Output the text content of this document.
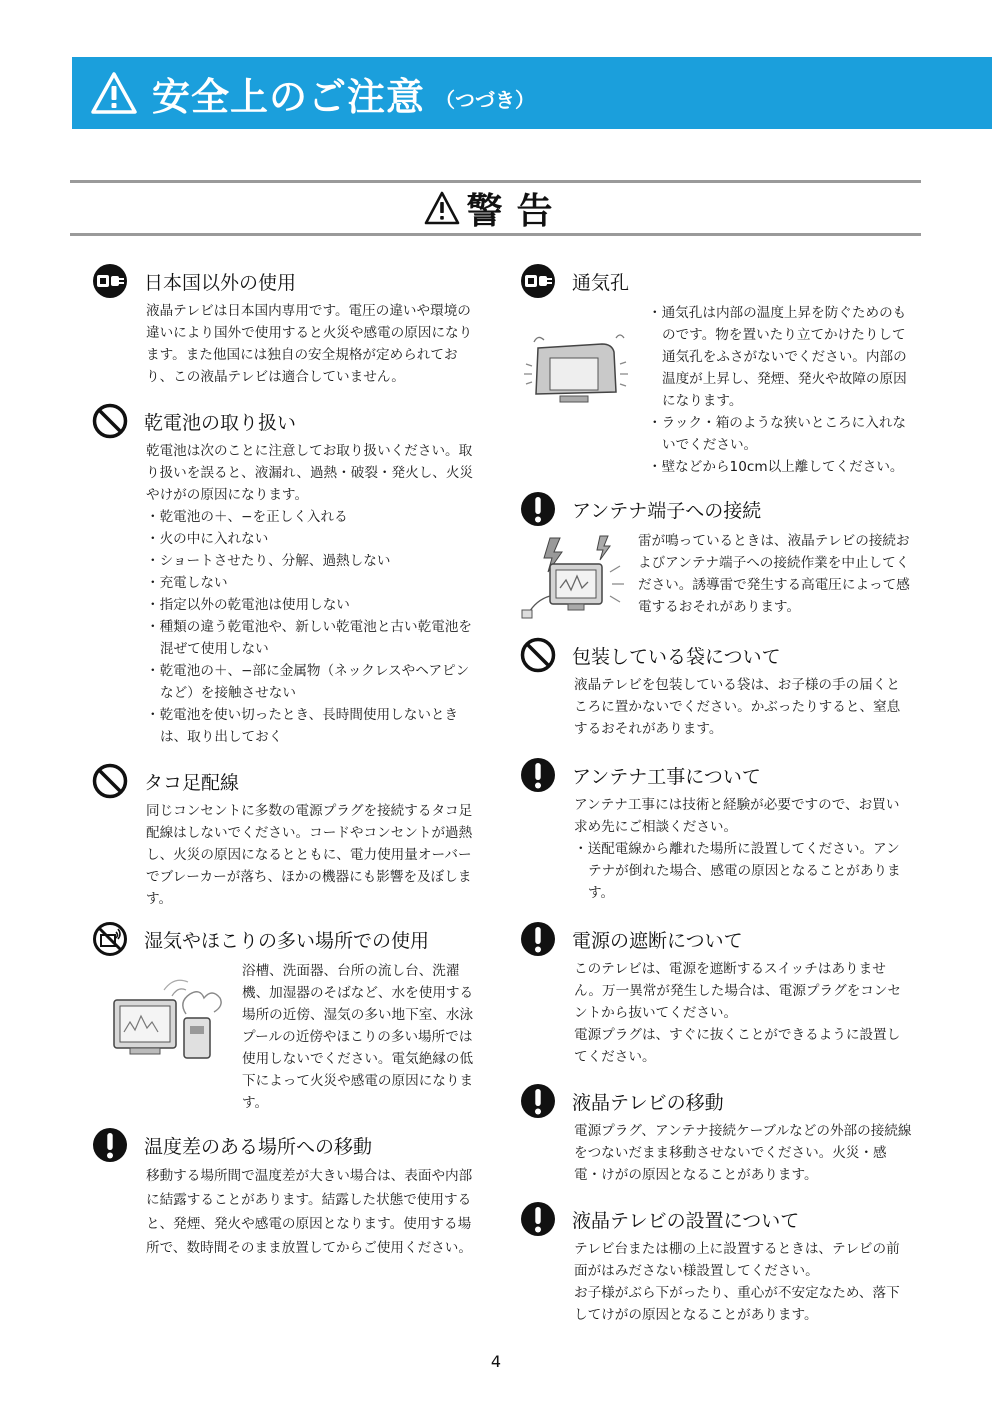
安全上のご注意 （つづき）
警告
日本国以外の使用

液晶テレビは日本国内専用です。電圧の違いや環境の違いにより国外で使用すると火災や感電の原因になります。また他国には独自の安全規格が定められており、この液晶テレビは適合していません。

乾電池の取り扱い

乾電池は次のことに注意してお取り扱いください。取り扱いを誤ると、液漏れ、過熱・破裂・発火し、火災やけがの原因になります。

・ 乾電池の＋、−を正しく入れる
・ 火の中に入れない
・ ショートさせたり、分解、過熱しない
・ 充電しない
・ 指定以外の乾電池は使用しない
・ 種類の違う乾電池や、新しい乾電池と古い乾電池を混ぜて使用しない
・ 乾電池の＋、−部に金属物（ネックレスやヘアピンなど）を接触させない
・ 乾電池を使い切ったとき、長時間使用しないときは、取り出しておく
タコ足配線

同じコンセントに多数の電源プラグを接続するタコ足配線はしないでください。コードやコンセントが過熱し、火災の原因になるとともに、電力使用量オーバーでブレーカーが落ち、ほかの機器にも影響を及ぼします。

湿気やほこりの多い場所での使用

浴槽、洗面器、台所の流し台、洗濯機、加湿器のそばなど、水を使用する場所の近傍、湿気の多い地下室、水泳プールの近傍やほこりの多い場所では使用しないでください。電気絶縁の低下によって火災や感電の原因になります。

温度差のある場所への移動

移動する場所間で温度差が大きい場合は、表面や内部に結露することがあります。結露した状態で使用すると、発煙、発火や感電の原因となります。使用する場所で、数時間そのまま放置してからご使用ください。

通気孔
・ 通気孔は内部の温度上昇を防ぐためのものです。物を置いたり立てかけたりして通気孔をふさがないでください。内部の温度が上昇し、発煙、発火や故障の原因になります。
・ ラック・箱のような狭いところに入れないでください。
・ 壁などから10cm以上離してください。
アンテナ端子への接続

雷が鳴っているときは、液晶テレビの接続およびアンテナ端子への接続作業を中止してください。誘導雷で発生する高電圧によって感電するおそれがあります。

包装している袋について

液晶テレビを包装している袋は、お子様の手の届くところに置かないでください。かぶったりすると、窒息するおそれがあります。

アンテナ工事について

アンテナ工事には技術と経験が必要ですので、お買い求め先にご相談ください。

・ 送配電線から離れた場所に設置してください。アンテナが倒れた場合、感電の原因となることがあります。
電源の遮断について

このテレビは、電源を遮断するスイッチはありません。万一異常が発生した場合は、電源プラグをコンセントから抜いてください。

電源プラグは、すぐに抜くことができるように設置してください。

液晶テレビの移動

電源プラグ、アンテナ接続ケーブルなどの外部の接続線をつないだまま移動させないでください。火災・感電・けがの原因となることがあります。

液晶テレビの設置について

テレビ台または棚の上に設置するときは、テレビの前面がはみださない様設置してください。

お子様がぶら下がったり、重心が不安定なため、落下してけがの原因となることがあります。

4
